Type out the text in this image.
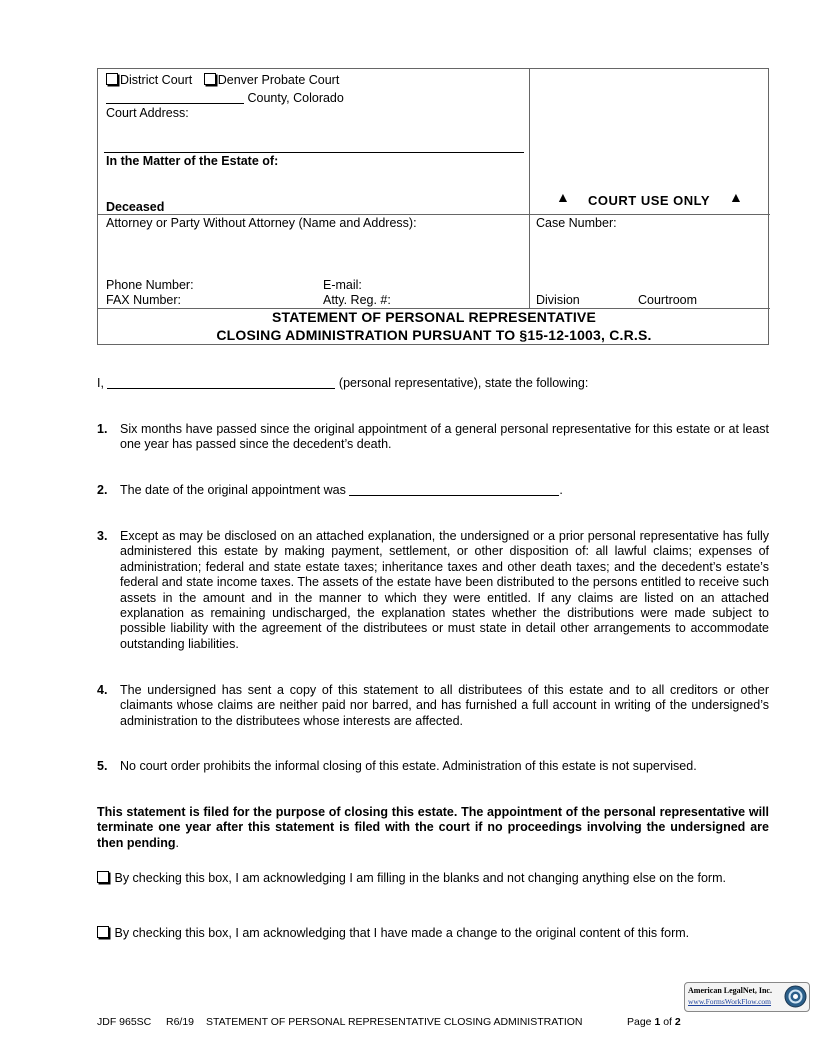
District Court Denver Probate Court
County, Colorado
Court Address:
In the Matter of the Estate of:
Deceased
▲ COURT USE ONLY ▲
Attorney or Party Without Attorney (Name and Address):
Phone Number:	E-mail:
FAX Number:	Atty. Reg. #:
Case Number:
Division	Courtroom
STATEMENT OF PERSONAL REPRESENTATIVE
CLOSING ADMINISTRATION PURSUANT TO §15-12-1003, C.R.S.
I,	(personal representative), state the following:
1. Six months have passed since the original appointment of a general personal representative for this estate or at least one year has passed since the decedent’s death.
2. The date of the original appointment was	.
3. Except as may be disclosed on an attached explanation, the undersigned or a prior personal representative has fully administered this estate by making payment, settlement, or other disposition of: all lawful claims; expenses of administration; federal and state estate taxes; inheritance taxes and other death taxes; and the decedent’s estate’s federal and state income taxes. The assets of the estate have been distributed to the persons entitled to receive such assets in the amount and in the manner to which they were entitled. If any claims are listed on an attached explanation as remaining undischarged, the explanation states whether the distributions were made subject to possible liability with the agreement of the distributees or must state in detail other arrangements to accommodate outstanding liabilities.
4. The undersigned has sent a copy of this statement to all distributees of this estate and to all creditors or other claimants whose claims are neither paid nor barred, and has furnished a full account in writing of the undersigned’s administration to the distributees whose interests are affected.
5. No court order prohibits the informal closing of this estate. Administration of this estate is not supervised.
This statement is filed for the purpose of closing this estate. The appointment of the personal representative will terminate one year after this statement is filed with the court if no proceedings involving the undersigned are then pending.
By checking this box, I am acknowledging I am filling in the blanks and not changing anything else on the form.
By checking this box, I am acknowledging that I have made a change to the original content of this form.
American LegalNet, Inc.
www.FormsWorkFlow.com
JDF 965SC R6/19 STATEMENT OF PERSONAL REPRESENTATIVE CLOSING ADMINISTRATION	Page 1 of 2
